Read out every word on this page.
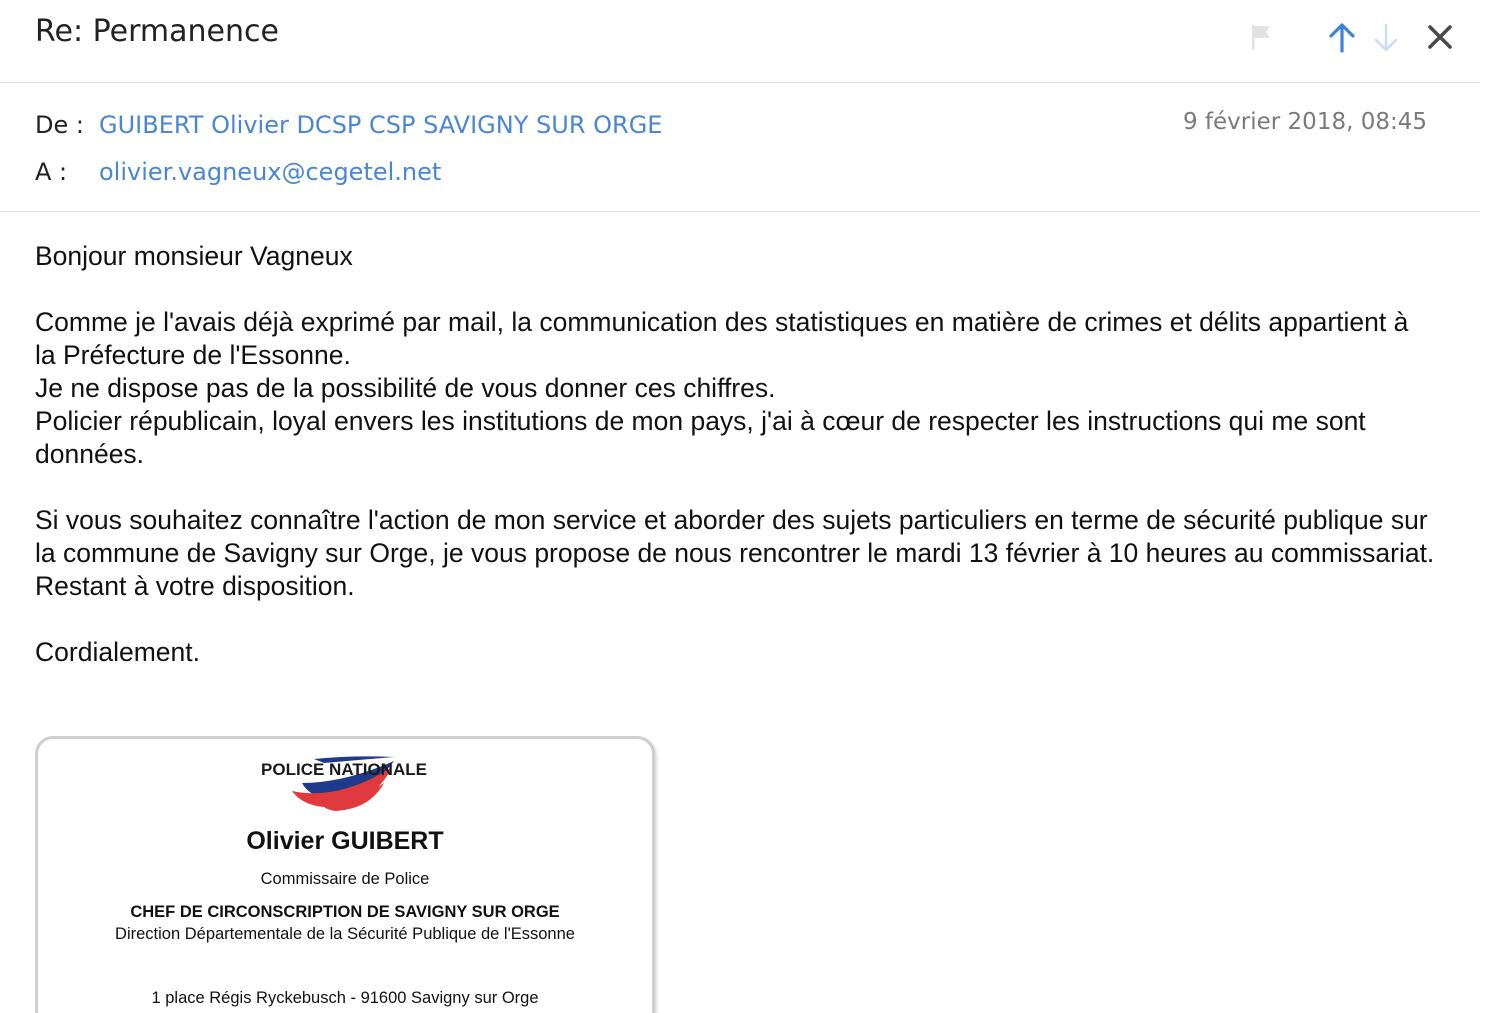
Re: Permanence
De : GUIBERT Olivier DCSP CSP SAVIGNY SUR ORGE	9 février 2018, 08:45
A : olivier.vagneux@cegetel.net

Bonjour monsieur Vagneux

Comme je l'avais déjà exprimé par mail, la communication des statistiques en matière de crimes et délits appartient à

la Préfecture de l'Essonne.

Je ne dispose pas de la possibilité de vous donner ces chiffres.

Policier républicain, loyal envers les institutions de mon pays, j'ai à cœur de respecter les instructions qui me sont

données.

Si vous souhaitez connaître l'action de mon service et aborder des sujets particuliers en terme de sécurité publique sur

la commune de Savigny sur Orge, je vous propose de nous rencontrer le mardi 13 février à 10 heures au commissariat.

Restant à votre disposition.

Cordialement.

POLICE NATIONALE
Olivier GUIBERT
Commissaire de Police
CHEF DE CIRCONSCRIPTION DE SAVIGNY SUR ORGE
Direction Départementale de la Sécurité Publique de l'Essonne
1 place Régis Ryckebusch - 91600 Savigny sur Orge
